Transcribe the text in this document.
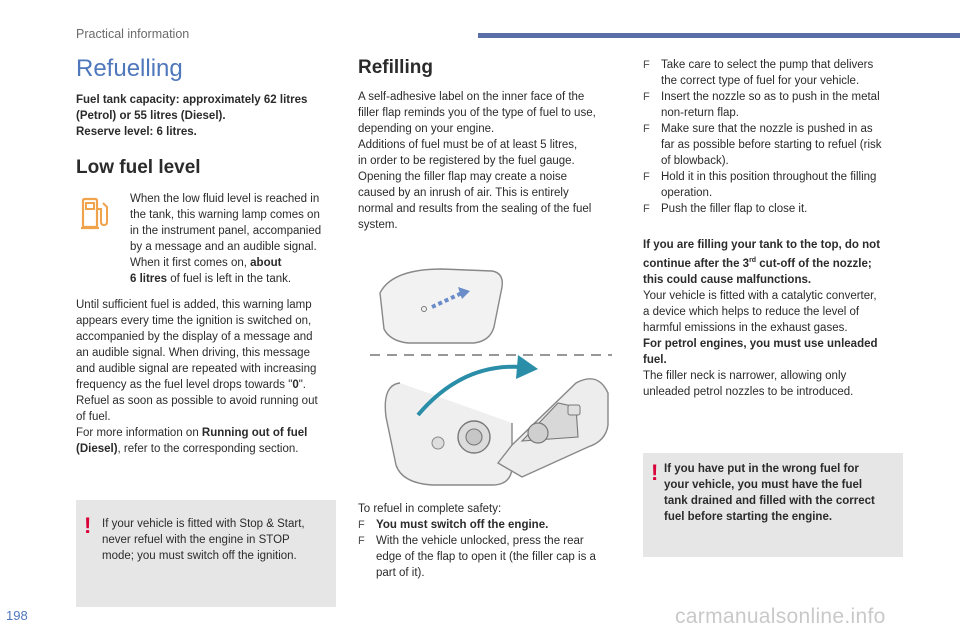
Practical information
Refuelling
Fuel tank capacity: approximately 62 litres
(Petrol) or 55 litres (Diesel).
Reserve level: 6 litres.
Low fuel level
When the low fluid level is reached in
the tank, this warning lamp comes on
in the instrument panel, accompanied
by a message and an audible signal.
When it first comes on, about
6 litres of fuel is left in the tank.
Until sufficient fuel is added, this warning lamp
appears every time the ignition is switched on,
accompanied by the display of a message and
an audible signal. When driving, this message
and audible signal are repeated with increasing
frequency as the fuel level drops towards "0".
Refuel as soon as possible to avoid running out
of fuel.
For more information on Running out of fuel
(Diesel), refer to the corresponding section.
! If your vehicle is fitted with Stop & Start,
never refuel with the engine in STOP
mode; you must switch off the ignition.
Refilling
A self-adhesive label on the inner face of the
filler flap reminds you of the type of fuel to use,
depending on your engine.
Additions of fuel must be of at least 5 litres,
in order to be registered by the fuel gauge.
Opening the filler flap may create a noise
caused by an inrush of air. This is entirely
normal and results from the sealing of the fuel
system.
To refuel in complete safety:
F You must switch off the engine.
F With the vehicle unlocked, press the rear
edge of the flap to open it (the filler cap is a
part of it).
F Take care to select the pump that delivers
the correct type of fuel for your vehicle.
F Insert the nozzle so as to push in the metal
non-return flap.
F Make sure that the nozzle is pushed in as
far as possible before starting to refuel (risk
of blowback).
F Hold it in this position throughout the filling
operation.
F Push the filler flap to close it.
If you are filling your tank to the top, do not
continue after the 3rd cut-off of the nozzle;
this could cause malfunctions.
Your vehicle is fitted with a catalytic converter,
a device which helps to reduce the level of
harmful emissions in the exhaust gases.
For petrol engines, you must use unleaded
fuel.
The filler neck is narrower, allowing only
unleaded petrol nozzles to be introduced.
! If you have put in the wrong fuel for
your vehicle, you must have the fuel
tank drained and filled with the correct
fuel before starting the engine.
198	carmanualsonline.info
